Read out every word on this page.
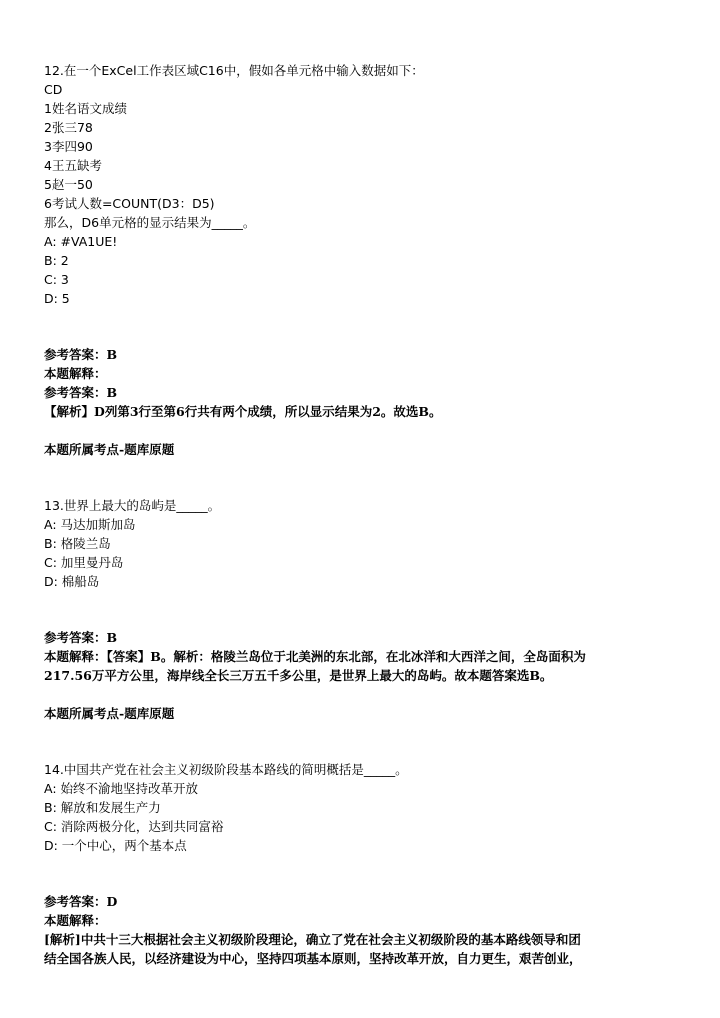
12.在一个ExCel工作表区域C16中，假如各单元格中输入数据如下：
CD
1姓名语文成绩
2张三78
3李四90
4王五缺考
5赵一50
6考试人数=COUNT(D3：D5)
那么，D6单元格的显示结果为_____。
A: #VA1UE!
B: 2
C: 3
D: 5
参考答案：B
本题解释：
参考答案：B
【解析】D列第3行至第6行共有两个成绩，所以显示结果为2。故选B。
本题所属考点-题库原题
13.世界上最大的岛屿是_____。
A: 马达加斯加岛
B: 格陵兰岛
C: 加里曼丹岛
D: 棉船岛
参考答案：B
本题解释：【答案】B。解析：格陵兰岛位于北美洲的东北部，在北冰洋和大西洋之间，全岛面积为
217.56万平方公里，海岸线全长三万五千多公里，是世界上最大的岛屿。故本题答案选B。
本题所属考点-题库原题
14.中国共产党在社会主义初级阶段基本路线的简明概括是_____。
A: 始终不渝地坚持改革开放
B: 解放和发展生产力
C: 消除两极分化，达到共同富裕
D: 一个中心，两个基本点
参考答案：D
本题解释：
[解析]中共十三大根据社会主义初级阶段理论，确立了党在社会主义初级阶段的基本路线领导和团
结全国各族人民，以经济建设为中心，坚持四项基本原则，坚持改革开放，自力更生，艰苦创业，
